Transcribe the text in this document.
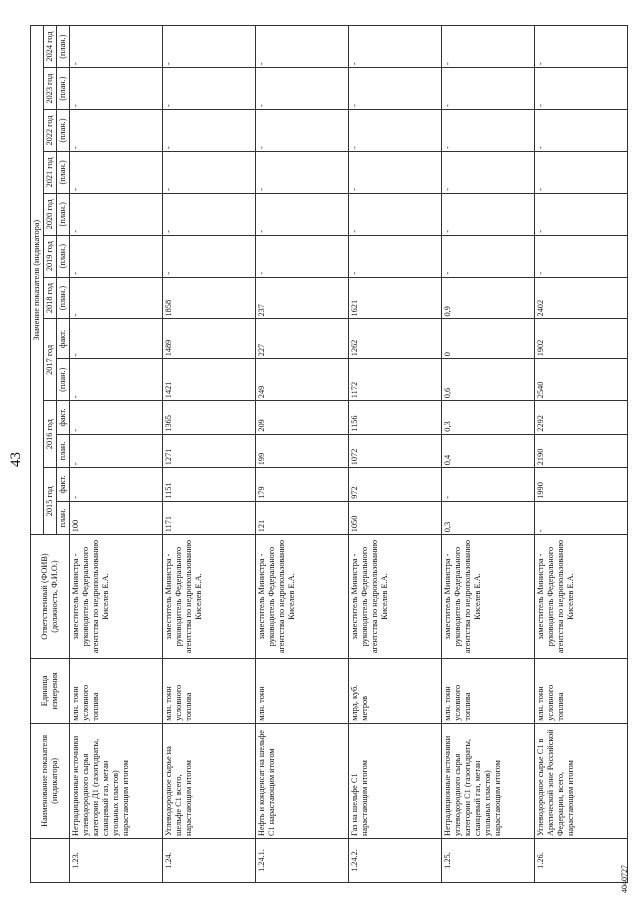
43
4040727
	Наименование показателя (индикатора)	Единица измерения	Ответственный (ФОИВ) (должность, Ф.И.О.)	Значение показателя (индикатора)												
				2015 год		2016 год		2017 год		2018 год	2019 год	2020 год	2021 год	2022 год	2023 год	2024 год
				план.	факт.	план.	факт.	(план.)	факт.	(план.)	(план.)	(план.)	(план.)	(план.)	(план.)	(план.)
1.23.	Нетрадиционные источники углеводородного сырья категории Д1 (газогидраты, сланцевый газ, метан угольных пластов) нарастающим итогом	млн. тонн условного топлива	заместитель Министра - руководитель Федерального агентства по недропользованию Киселев Е.А.	100	-	-	-	-	-	-	-	-	-	-	-	-
1.24.	Углеводородное сырье на шельфе С1 всего, нарастающим итогом	млн. тонн условного топлива	заместитель Министра - руководитель Федерального агентства по недропользованию Киселев Е.А.	1171	1151	1271	1365	1421	1489	1858	-	-	-	-	-	-
1.24.1.	Нефть и конденсат на шельфе С1 нарастающим итогом	млн. тонн	заместитель Министра - руководитель Федерального агентства по недропользованию Киселев Е.А.	121	179	199	209	249	227	237	-	-	-	-	-	-
1.24.2.	Газ на шельфе С1 нарастающим итогом	млрд. куб. метров	заместитель Министра - руководитель Федерального агентства по недропользованию Киселев Е.А.	1050	972	1072	1156	1172	1262	1621	-	-	-	-	-	-
1.25.	Нетрадиционные источники углеводородного сырья категории С1 (газогидраты, сланцевый газ, метан угольных пластов) нарастающим итогом	млн. тонн условного топлива	заместитель Министра - руководитель Федерального агентства по недропользованию Киселев Е.А.	0,3	-	0,4	0,3	0,6	0	0,9	-	-	-	-	-	-
1.26.	Углеводородное сырье С1 в Арктической зоне Российской Федерации, всего, нарастающим итогом	млн. тонн условного топлива	заместитель Министра - руководитель Федерального агентства по недропользованию Киселев Е.А.	-	1990	2190	2292	2540	1902	2402	-	-	-	-	-	-
